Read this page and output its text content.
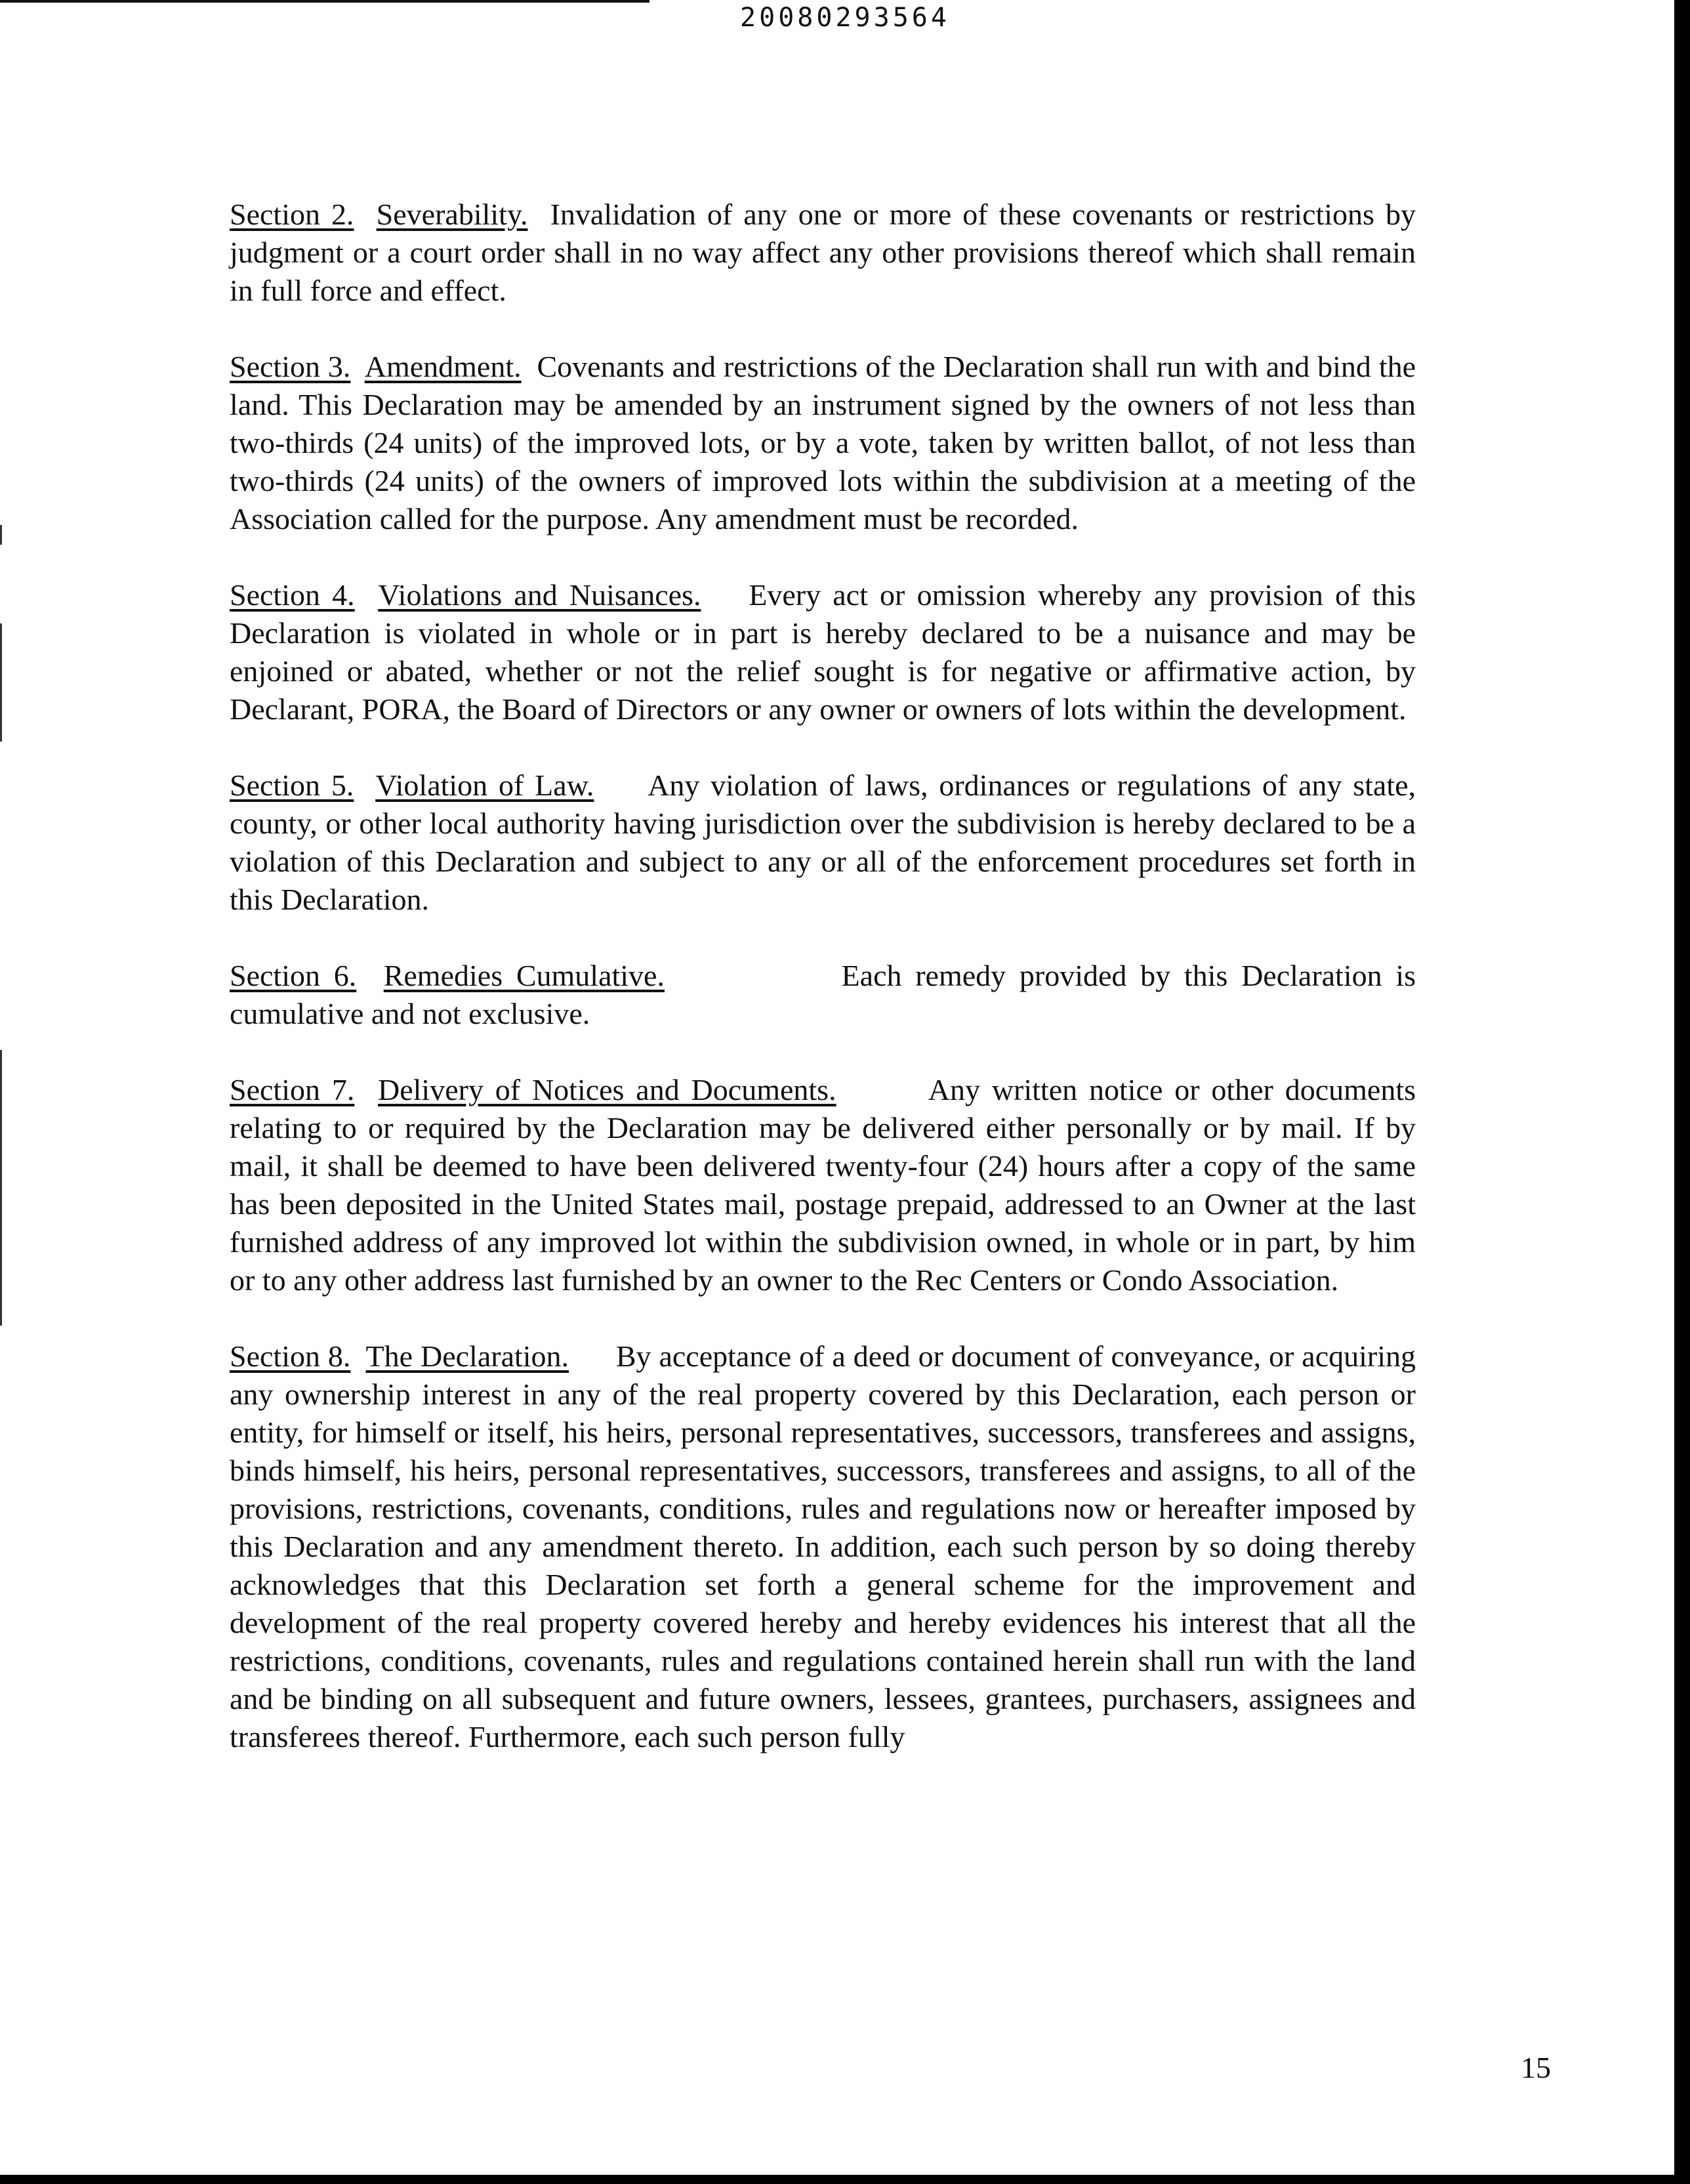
20080293564

Section 2. Severability. Invalidation of any one or more of these covenants or restrictions by judgment or a court order shall in no way affect any other provisions thereof which shall remain in full force and effect.

Section 3. Amendment. Covenants and restrictions of the Declaration shall run with and bind the land. This Declaration may be amended by an instrument signed by the owners of not less than two-thirds (24 units) of the improved lots, or by a vote, taken by written ballot, of not less than two-thirds (24 units) of the owners of improved lots within the subdivision at a meeting of the Association called for the purpose. Any amendment must be recorded.

Section 4. Violations and Nuisances. Every act or omission whereby any provision of this Declaration is violated in whole or in part is hereby declared to be a nuisance and may be enjoined or abated, whether or not the relief sought is for negative or affirmative action, by Declarant, PORA, the Board of Directors or any owner or owners of lots within the development.

Section 5. Violation of Law. Any violation of laws, ordinances or regulations of any state, county, or other local authority having jurisdiction over the subdivision is hereby declared to be a violation of this Declaration and subject to any or all of the enforcement procedures set forth in this Declaration.

Section 6. Remedies Cumulative.	Each remedy provided by this Declaration is cumulative and not exclusive.

Section 7. Delivery of Notices and Documents.	Any written notice or other documents relating to or required by the Declaration may be delivered either personally or by mail. If by mail, it shall be deemed to have been delivered twenty-four (24) hours after a copy of the same has been deposited in the United States mail, postage prepaid, addressed to an Owner at the last furnished address of any improved lot within the subdivision owned, in whole or in part, by him or to any other address last furnished by an owner to the Rec Centers or Condo Association.

Section 8. The Declaration. By acceptance of a deed or document of conveyance, or acquiring any ownership interest in any of the real property covered by this Declaration, each person or entity, for himself or itself, his heirs, personal representatives, successors, transferees and assigns, binds himself, his heirs, personal representatives, successors, transferees and assigns, to all of the provisions, restrictions, covenants, conditions, rules and regulations now or hereafter imposed by this Declaration and any amendment thereto. In addition, each such person by so doing thereby acknowledges that this Declaration set forth a general scheme for the improvement and development of the real property covered hereby and hereby evidences his interest that all the restrictions, conditions, covenants, rules and regulations contained herein shall run with the land and be binding on all subsequent and future owners, lessees, grantees, purchasers, assignees and transferees thereof. Furthermore, each such person fully

15
